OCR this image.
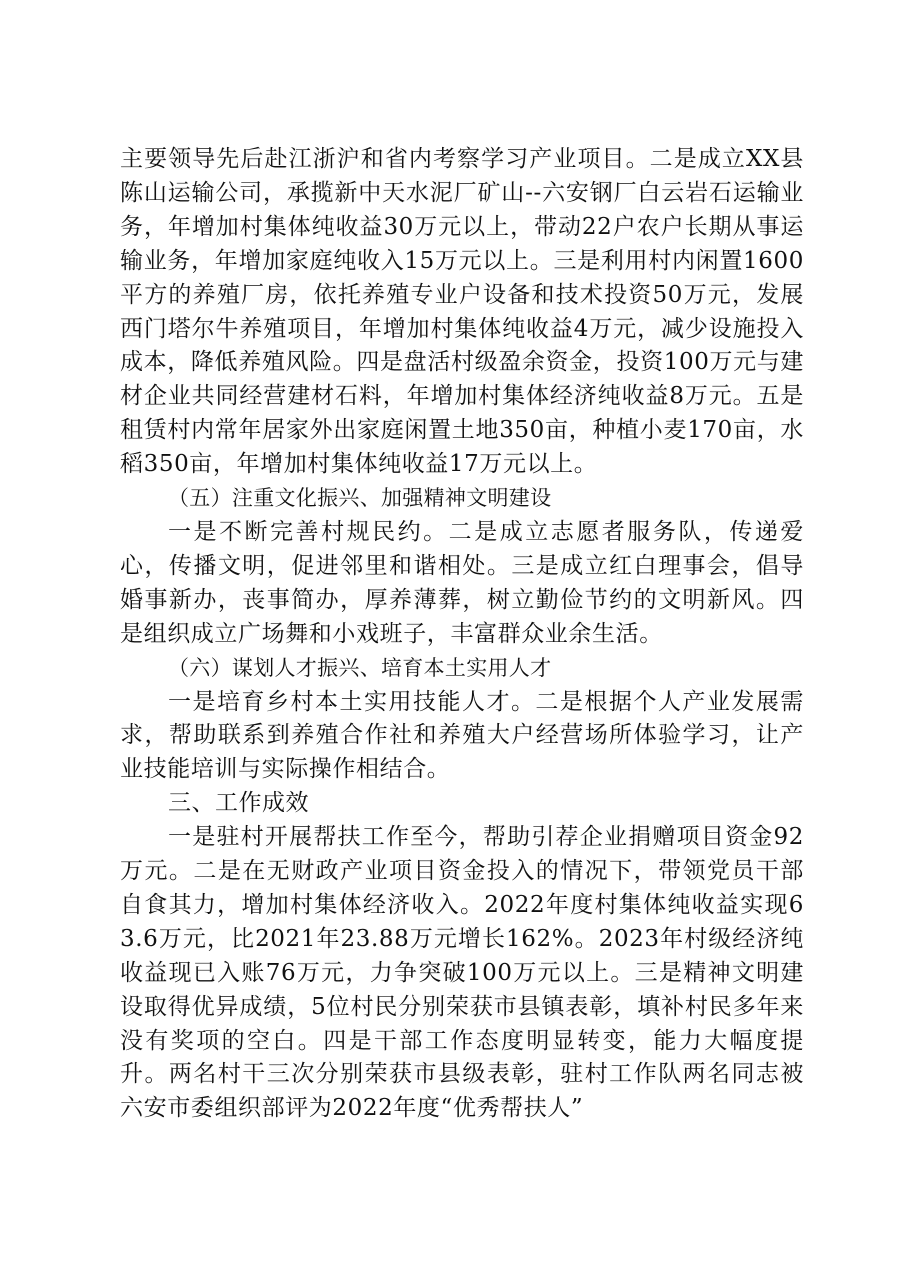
主要领导先后赴江浙沪和省内考察学习产业项目。二是成立XX县陈山运输公司，承揽新中天水泥厂矿山--六安钢厂白云岩石运输业务，年增加村集体纯收益30万元以上，带动22户农户长期从事运输业务，年增加家庭纯收入15万元以上。三是利用村内闲置1600平方的养殖厂房，依托养殖专业户设备和技术投资50万元，发展西门塔尔牛养殖项目，年增加村集体纯收益4万元，减少设施投入成本，降低养殖风险。四是盘活村级盈余资金，投资100万元与建材企业共同经营建材石料，年增加村集体经济纯收益8万元。五是租赁村内常年居家外出家庭闲置土地350亩，种植小麦170亩，水稻350亩，年增加村集体纯收益17万元以上。

（五）注重文化振兴、加强精神文明建设

一是不断完善村规民约。二是成立志愿者服务队，传递爱心，传播文明，促进邻里和谐相处。三是成立红白理事会，倡导婚事新办，丧事简办，厚养薄葬，树立勤俭节约的文明新风。四是组织成立广场舞和小戏班子，丰富群众业余生活。

（六）谋划人才振兴、培育本土实用人才

一是培育乡村本土实用技能人才。二是根据个人产业发展需求，帮助联系到养殖合作社和养殖大户经营场所体验学习，让产业技能培训与实际操作相结合。

三、工作成效

一是驻村开展帮扶工作至今，帮助引荐企业捐赠项目资金92万元。二是在无财政产业项目资金投入的情况下，带领党员干部自食其力，增加村集体经济收入。2022年度村集体纯收益实现63.6万元，比2021年23.88万元增长162%。2023年村级经济纯收益现已入账76万元，力争突破100万元以上。三是精神文明建设取得优异成绩，5位村民分别荣获市县镇表彰，填补村民多年来没有奖项的空白。四是干部工作态度明显转变，能力大幅度提升。两名村干三次分别荣获市县级表彰，驻村工作队两名同志被六安市委组织部评为2022年度“优秀帮扶人”
